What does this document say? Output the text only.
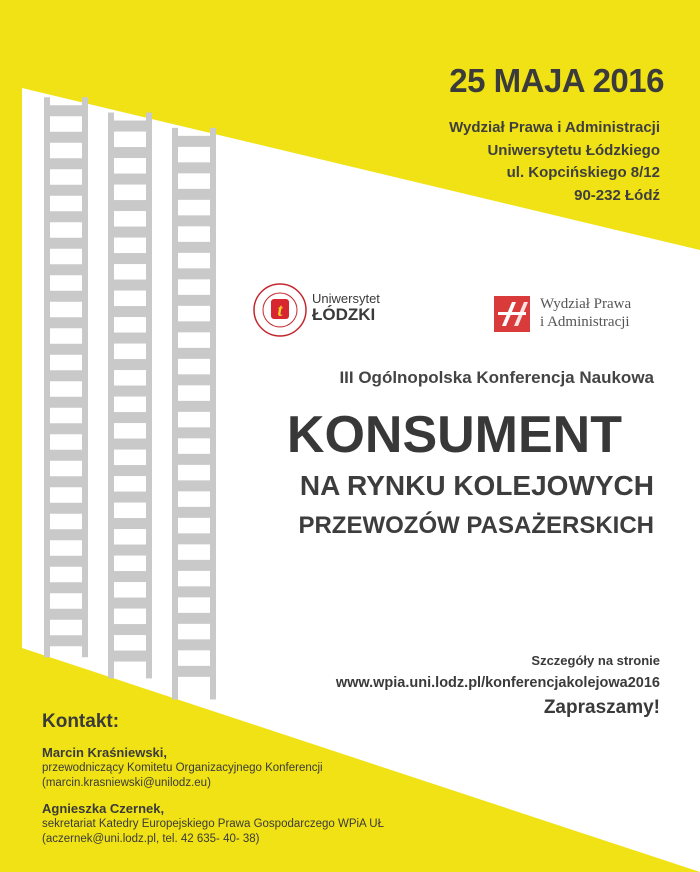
25 MAJA 2016
Wydział Prawa i Administracji
Uniwersytetu Łódzkiego
ul. Kopcińskiego 8/12
90-232 Łódź
t
Uniwersytet
ŁÓDZKI
Wydział Prawa
i Administracji
III Ogólnopolska Konferencja Naukowa
KONSUMENT
NA RYNKU KOLEJOWYCH
PRZEWOZÓW PASAŻERSKICH
Szczegóły na stronie
www.wpia.uni.lodz.pl/konferencjakolejowa2016
Zapraszamy!
Kontakt:
Marcin Kraśniewski,
przewodniczący Komitetu Organizacyjnego Konferencji
(marcin.krasniewski@unilodz.eu)
Agnieszka Czernek,
sekretariat Katedry Europejskiego Prawa Gospodarczego WPiA UŁ
(aczernek@uni.lodz.pl, tel. 42 635- 40- 38)
